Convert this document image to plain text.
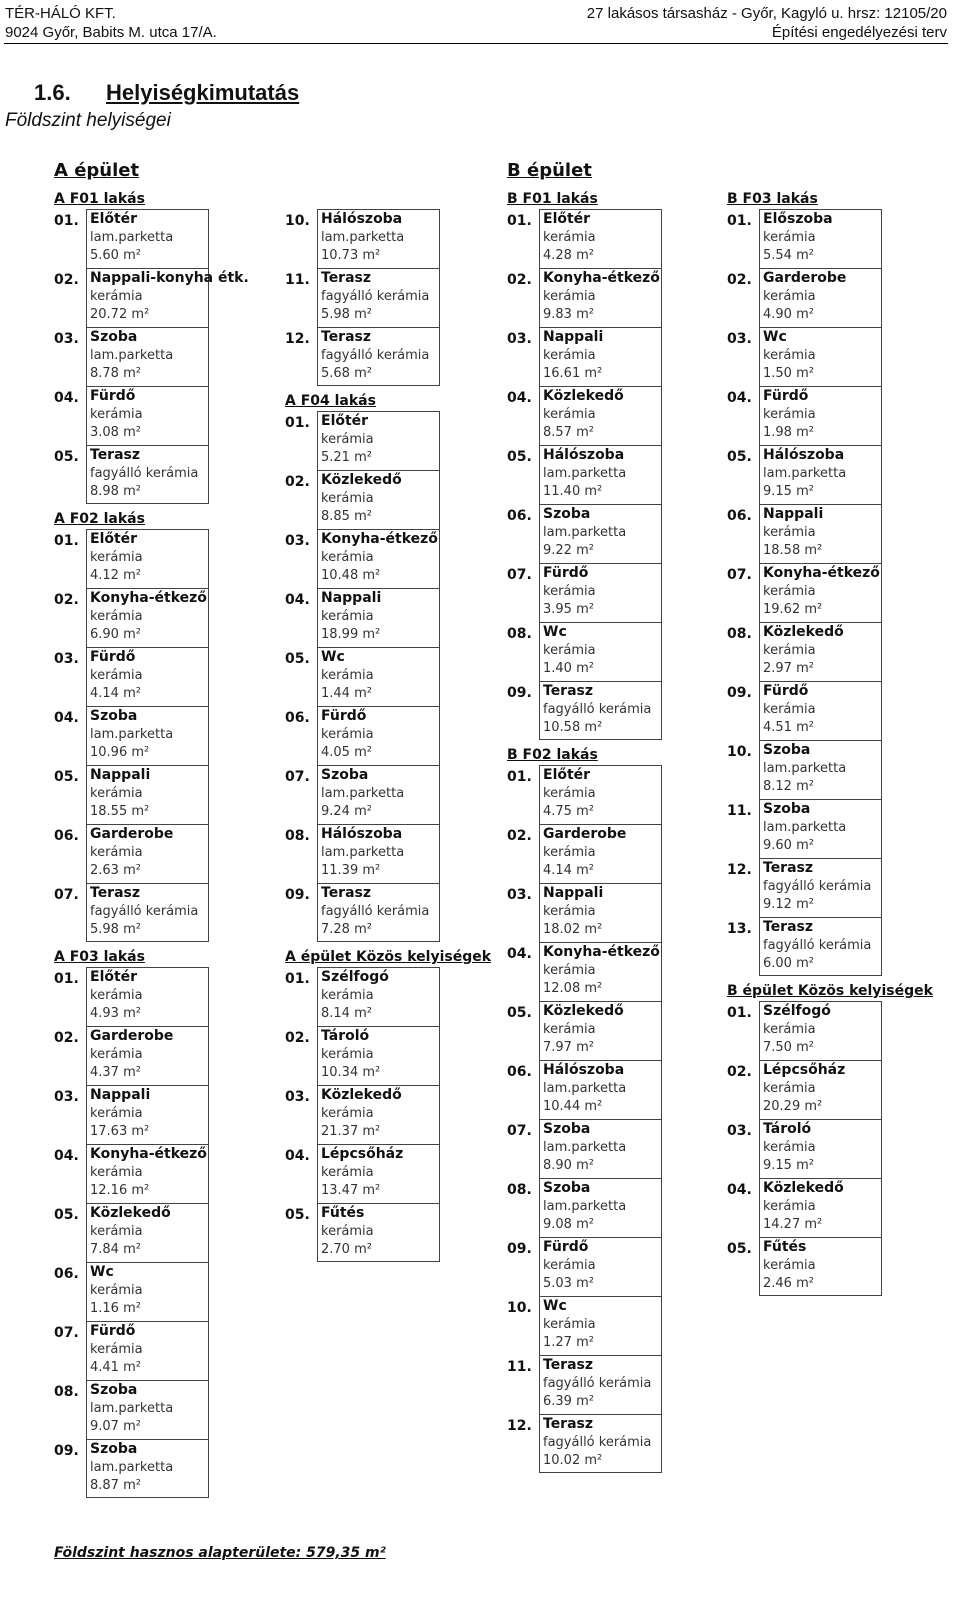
TÉR-HÁLÓ KFT.
9024 Győr, Babits M. utca 17/A.
27 lakásos társasház - Győr, Kagyló u. hrsz: 12105/20
Építési engedélyezési terv
1.6. Helyiségkimutatás
Földszint helyiségei
A épület	B épület
A F01 lakás
01. Előtér
lam.parketta
5.60 m²
02. Nappali-konyha étk.
kerámia
20.72 m²
03. Szoba
lam.parketta
8.78 m²
04. Fürdő
kerámia
3.08 m²
05. Terasz
fagyálló kerámia
8.98 m²
A F02 lakás
01. Előtér
kerámia
4.12 m²
02. Konyha-étkező
kerámia
6.90 m²
03. Fürdő
kerámia
4.14 m²
04. Szoba
lam.parketta
10.96 m²
05. Nappali
kerámia
18.55 m²
06. Garderobe
kerámia
2.63 m²
07. Terasz
fagyálló kerámia
5.98 m²
A F03 lakás
01. Előtér
kerámia
4.93 m²
02. Garderobe
kerámia
4.37 m²
03. Nappali
kerámia
17.63 m²
04. Konyha-étkező
kerámia
12.16 m²
05. Közlekedő
kerámia
7.84 m²
06. Wc
kerámia
1.16 m²
07. Fürdő
kerámia
4.41 m²
08. Szoba
lam.parketta
9.07 m²
09. Szoba
lam.parketta
8.87 m²
10. Hálószoba
lam.parketta
10.73 m²
11. Terasz
fagyálló kerámia
5.98 m²
12. Terasz
fagyálló kerámia
5.68 m²
A F04 lakás
01. Előtér
kerámia
5.21 m²
02. Közlekedő
kerámia
8.85 m²
03. Konyha-étkező
kerámia
10.48 m²
04. Nappali
kerámia
18.99 m²
05. Wc
kerámia
1.44 m²
06. Fürdő
kerámia
4.05 m²
07. Szoba
lam.parketta
9.24 m²
08. Hálószoba
lam.parketta
11.39 m²
09. Terasz
fagyálló kerámia
7.28 m²
A épület Közös kelyiségek
01. Szélfogó
kerámia
8.14 m²
02. Tároló
kerámia
10.34 m²
03. Közlekedő
kerámia
21.37 m²
04. Lépcsőház
kerámia
13.47 m²
05. Fűtés
kerámia
2.70 m²
B F01 lakás
01. Előtér
kerámia
4.28 m²
02. Konyha-étkező
kerámia
9.83 m²
03. Nappali
kerámia
16.61 m²
04. Közlekedő
kerámia
8.57 m²
05. Hálószoba
lam.parketta
11.40 m²
06. Szoba
lam.parketta
9.22 m²
07. Fürdő
kerámia
3.95 m²
08. Wc
kerámia
1.40 m²
09. Terasz
fagyálló kerámia
10.58 m²
B F02 lakás
01. Előtér
kerámia
4.75 m²
02. Garderobe
kerámia
4.14 m²
03. Nappali
kerámia
18.02 m²
04. Konyha-étkező
kerámia
12.08 m²
05. Közlekedő
kerámia
7.97 m²
06. Hálószoba
lam.parketta
10.44 m²
07. Szoba
lam.parketta
8.90 m²
08. Szoba
lam.parketta
9.08 m²
09. Fürdő
kerámia
5.03 m²
10. Wc
kerámia
1.27 m²
11. Terasz
fagyálló kerámia
6.39 m²
12. Terasz
fagyálló kerámia
10.02 m²
B F03 lakás
01. Előszoba
kerámia
5.54 m²
02. Garderobe
kerámia
4.90 m²
03. Wc
kerámia
1.50 m²
04. Fürdő
kerámia
1.98 m²
05. Hálószoba
lam.parketta
9.15 m²
06. Nappali
kerámia
18.58 m²
07. Konyha-étkező
kerámia
19.62 m²
08. Közlekedő
kerámia
2.97 m²
09. Fürdő
kerámia
4.51 m²
10. Szoba
lam.parketta
8.12 m²
11. Szoba
lam.parketta
9.60 m²
12. Terasz
fagyálló kerámia
9.12 m²
13. Terasz
fagyálló kerámia
6.00 m²
B épület Közös kelyiségek
01. Szélfogó
kerámia
7.50 m²
02. Lépcsőház
kerámia
20.29 m²
03. Tároló
kerámia
9.15 m²
04. Közlekedő
kerámia
14.27 m²
05. Fűtés
kerámia
2.46 m²
Földszint hasznos alapterülete: 579,35 m²
